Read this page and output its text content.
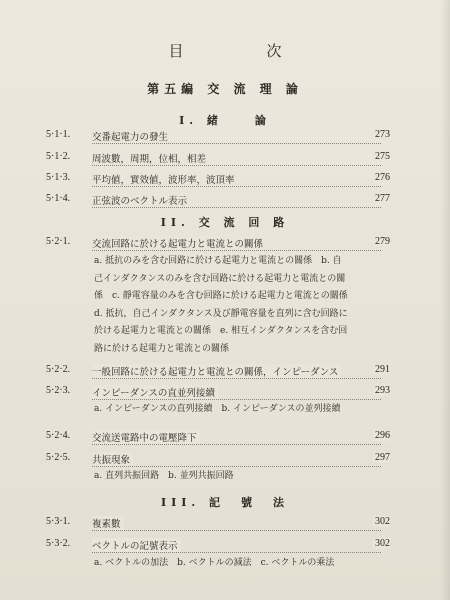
目　次
第五編 交 流 理 論
I. 緒　　論
5·1·1. 交番起電力の發生	273
5·1·2. 周波數，周期，位相，相差	275
5·1·3. 平均値，實效値，波形率，波頂率	276
5·1·4. 正弦波のベクトル表示	277
II. 交 流 回 路
5·2·1. 交流回路に於ける起電力と電流との關係	279
a. 抵抗のみを含む回路に於ける起電力と電流との關係　b. 自
己インダクタンスのみを含む回路に於ける起電力と電流との關
係　c. 靜電容量のみを含む回路に於ける起電力と電流との關係
d. 抵抗，自己インダクタンス及び靜電容量を直列に含む回路に
於ける起電力と電流との關係　e. 相互インダクタンスを含む回
路に於ける起電力と電流との關係
5·2·2. 一般回路に於ける起電力と電流との關係，インピーダンス	291
5·2·3. インピーダンスの直並列接續	293
a. インピーダンスの直列接續　b. インピーダンスの並列接續
5·2·4. 交流送電路中の電壓降下	296
5·2·5. 共振現象	297
a. 直列共振回路　b. 並列共振回路
III. 記　號　法
5·3·1. 複素數	302
5·3·2. ベクトルの記號表示	302
a. ベクトルの加法　b. ベクトルの減法　c. ベクトルの乘法
